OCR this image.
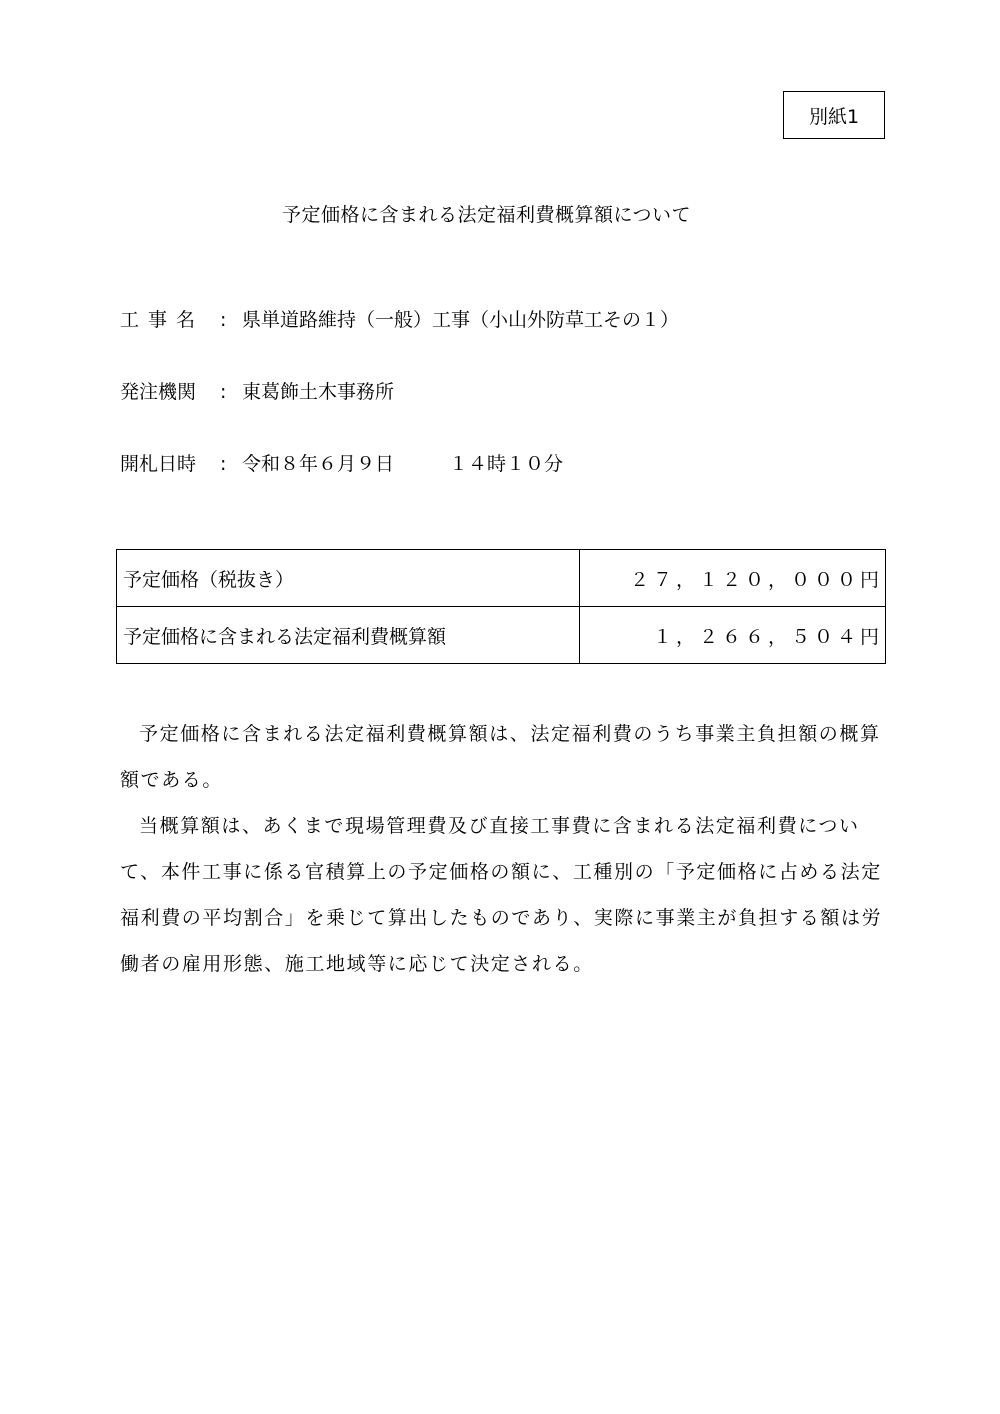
別紙1
予定価格に含まれる法定福利費概算額について
工事名 : 県単道路維持（一般）工事（小山外防草工その１）
発注機関	: 東葛飾土木事務所
開札日時	: 令和８年６月９日	１４時１０分
予定価格（税抜き）	２７，１２０，０００円
予定価格に含まれる法定福利費概算額	１，２６６，５０４円

予定価格に含まれる法定福利費概算額は、法定福利費のうち事業主負担額の概算額である。

当概算額は、あくまで現場管理費及び直接工事費に含まれる法定福利費について、本件工事に係る官積算上の予定価格の額に、工種別の「予定価格に占める法定福利費の平均割合」を乗じて算出したものであり、実際に事業主が負担する額は労働者の雇用形態、施工地域等に応じて決定される。
